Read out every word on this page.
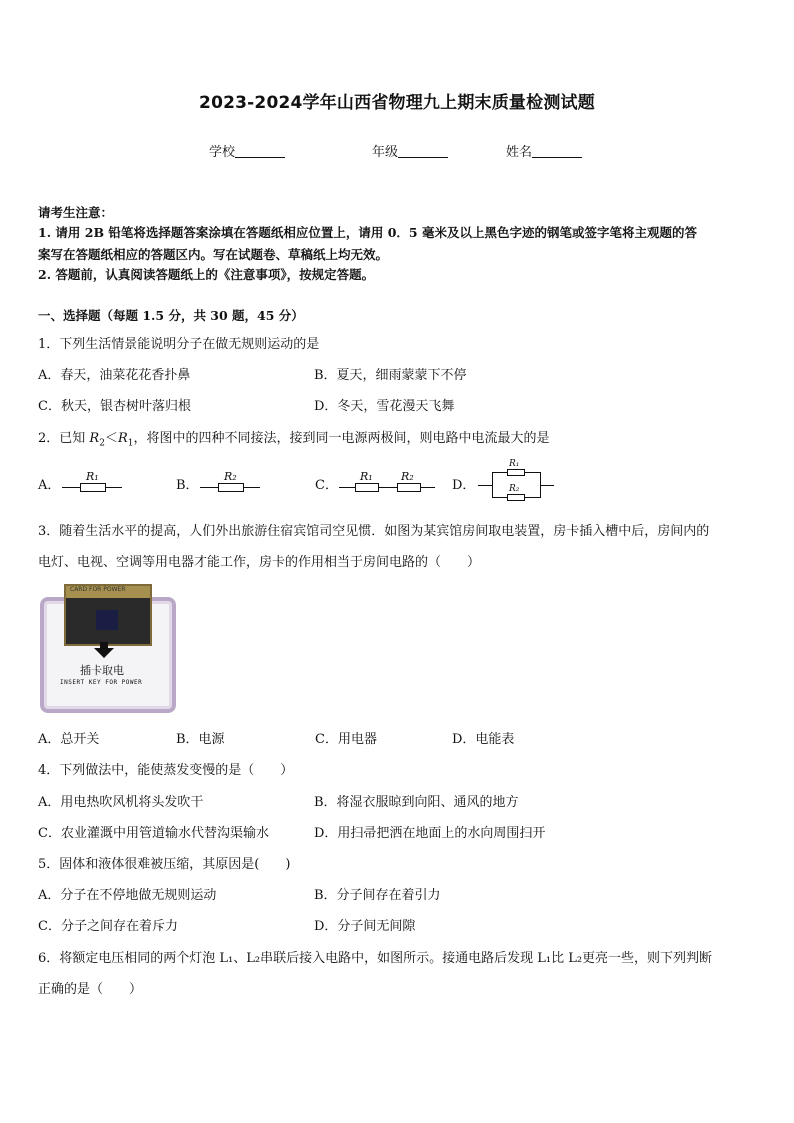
2023-2024学年山西省物理九上期末质量检测试题
学校	年级	姓名
请考生注意：
1. 请用 2B 铅笔将选择题答案涂填在答题纸相应位置上，请用 0．5 毫米及以上黑色字迹的钢笔或签字笔将主观题的答
案写在答题纸相应的答题区内。写在试题卷、草稿纸上均无效。
2. 答题前，认真阅读答题纸上的《注意事项》，按规定答题。
一、选择题（每题 1.5 分，共 30 题，45 分）
1．下列生活情景能说明分子在做无规则运动的是
A．春天，油菜花花香扑鼻	B．夏天，细雨蒙蒙下不停
C．秋天，银杏树叶落归根	D．冬天，雪花漫天飞舞
2．已知 $R_2<R_1$，将图中的四种不同接法，接到同一电源两极间，则电路中电流最大的是
A．
R₁
B．
R₂
C．
R₁	R₂
D．
R₁
R₂
3．随着生活水平的提高，人们外出旅游住宿宾馆司空见惯．如图为某宾馆房间取电装置，房卡插入槽中后，房间内的
电灯、电视、空调等用电器才能工作，房卡的作用相当于房间电路的（　　）
CARD FOR POWER
插卡取电
INSERT KEY FOR POWER
A．总开关	B．电源	C．用电器	D．电能表
4．下列做法中，能使蒸发变慢的是（　　）
A．用电热吹风机将头发吹干	B．将湿衣服晾到向阳、通风的地方
C．农业灌溉中用管道输水代替沟渠输水	D．用扫帚把洒在地面上的水向周围扫开
5．固体和液体很难被压缩，其原因是(　　)
A．分子在不停地做无规则运动	B．分子间存在着引力
C．分子之间存在着斥力	D．分子间无间隙
6．将额定电压相同的两个灯泡 L₁、L₂串联后接入电路中，如图所示。接通电路后发现 L₁比 L₂更亮一些，则下列判断
正确的是（　　）
